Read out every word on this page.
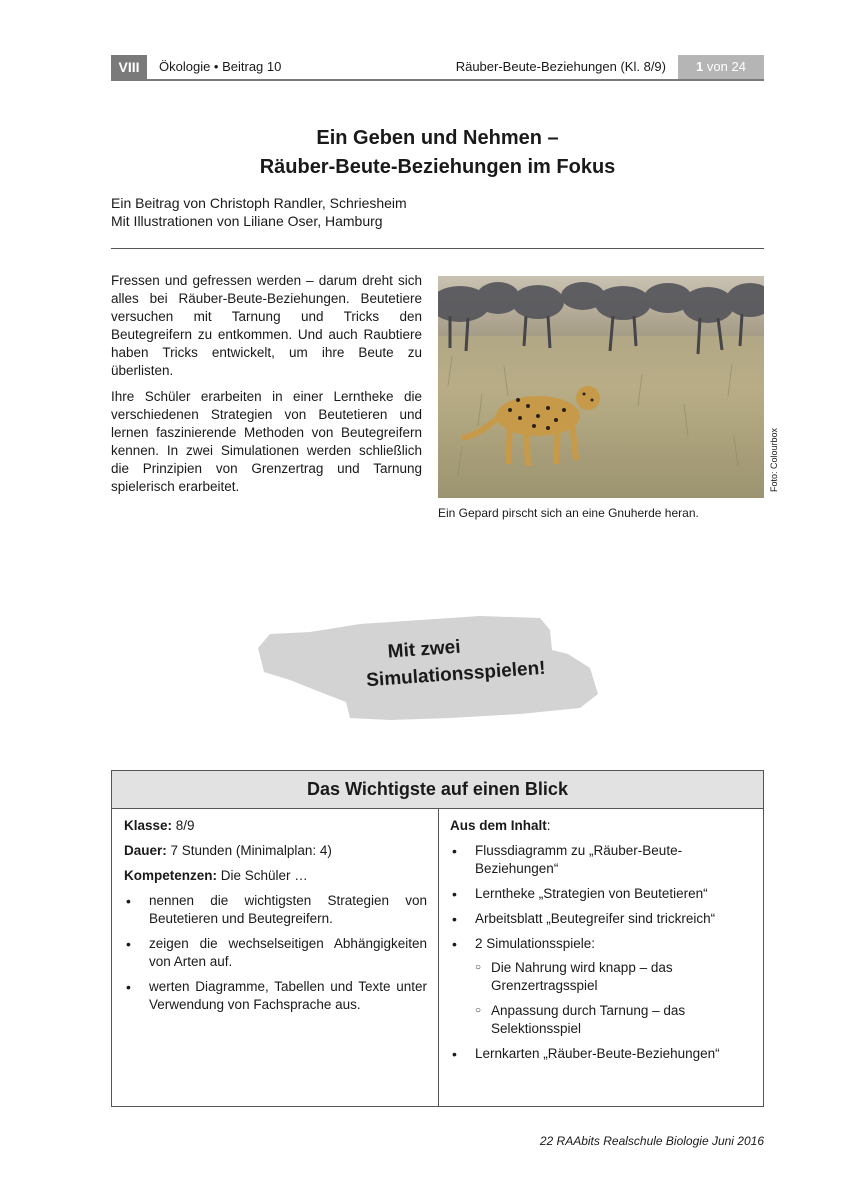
VIII	Ökologie • Beitrag 10	Räuber-Beute-Beziehungen (Kl. 8/9)	1 von 24
Ein Geben und Nehmen –
Räuber-Beute-Beziehungen im Fokus
Ein Beitrag von Christoph Randler, Schriesheim
Mit Illustrationen von Liliane Oser, Hamburg

Fressen und gefressen werden – darum dreht sich alles bei Räuber-Beute-Beziehungen. Beutetiere versuchen mit Tarnung und Tricks den Beutegreifern zu entkommen. Und auch Raubtiere haben Tricks entwickelt, um ihre Beute zu überlisten.

Ihre Schüler erarbeiten in einer Lerntheke die verschiedenen Strategien von Beutetieren und lernen faszinierende Methoden von Beutegreifern kennen. In zwei Simulationen werden schließlich die Prinzipien von Grenzertrag und Tarnung spielerisch erarbeitet.

Ein Gepard pirscht sich an eine Gnuherde heran.
Foto: Colourbox
Mit zwei
Simulationsspielen!
Das Wichtigste auf einen Blick
Klasse: 8/9
Dauer: 7 Stunden (Minimalplan: 4)
Kompetenzen: Die Schüler …
• nennen die wichtigsten Strategien von Beutetieren und Beutegreifern.
• zeigen die wechselseitigen Abhängigkeiten von Arten auf.
• werten Diagramme, Tabellen und Texte unter Verwendung von Fachsprache aus.
Aus dem Inhalt:
• Flussdiagramm zu „Räuber-Beute-Beziehungen“
• Lerntheke „Strategien von Beutetieren“
• Arbeitsblatt „Beutegreifer sind trickreich“
• 2 Simulationsspiele:
○ Die Nahrung wird knapp – das Grenzertragsspiel
○ Anpassung durch Tarnung – das Selektionsspiel
• Lernkarten „Räuber-Beute-Beziehungen“
22 RAAbits Realschule Biologie Juni 2016
